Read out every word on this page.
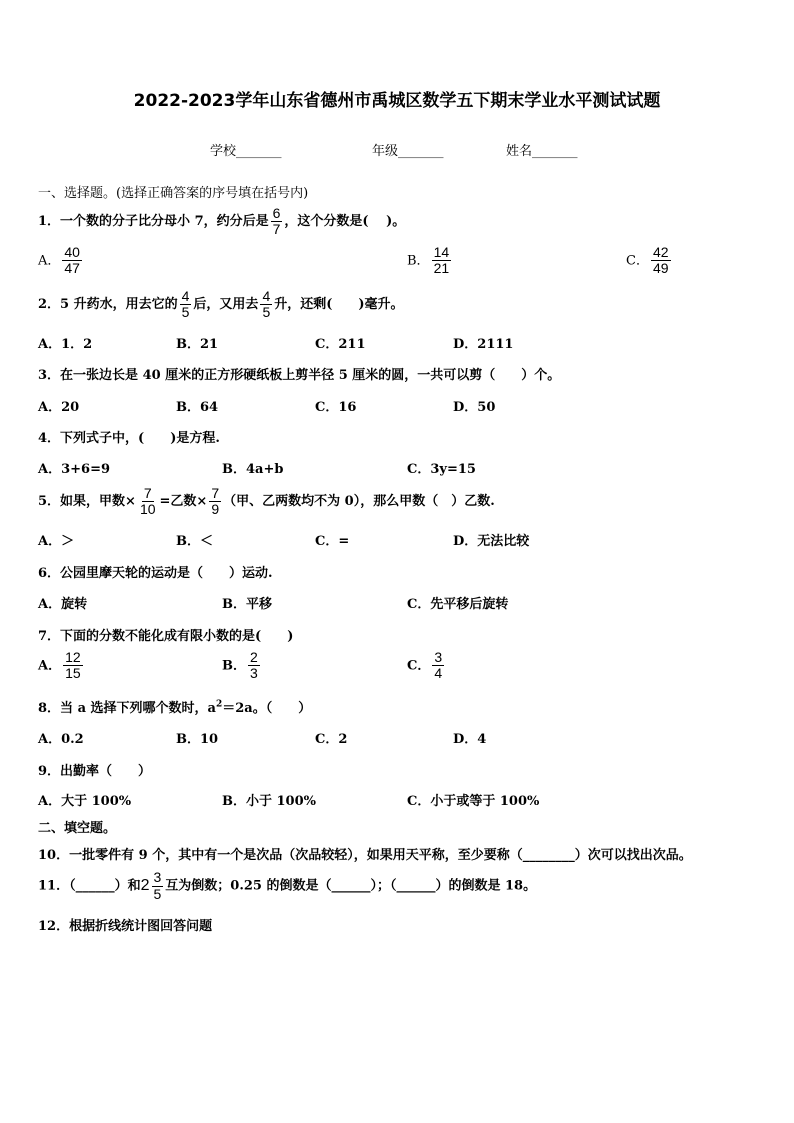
2022-2023学年山东省德州市禹城区数学五下期末学业水平测试试题
学校_______	年级_______	姓名_______
一、选择题。(选择正确答案的序号填在括号内)
1．一个数的分子比分母小 7，约分后是 $\frac{6}{7}$ ，这个分数是(　 )。
A． $\frac{40}{47}$	B． $\frac{14}{21}$	C． $\frac{42}{49}$
2．5 升药水，用去它的 $\frac{4}{5}$ 后，又用去 $\frac{4}{5}$ 升，还剩(　　)毫升。
A．1．2	B．21	C．211	D．2111
3．在一张边长是 40 厘米的正方形硬纸板上剪半径 5 厘米的圆，一共可以剪（　　）个。
A．20	B．64	C．16	D．50
4．下列式子中，(　　)是方程.
A．3+6=9	B．4a+b	C．3y=15
5．如果，甲数× $\frac{7}{10}$ =乙数× $\frac{7}{9}$ （甲、乙两数均不为 0），那么甲数（　）乙数.
A．＞	B．＜	C．=	D．无法比较
6．公园里摩天轮的运动是（　　）运动.
A．旋转	B．平移	C．先平移后旋转
7．下面的分数不能化成有限小数的是(　　)
A． $\frac{12}{15}$	B． $\frac{2}{3}$	C． $\frac{3}{4}$
8．当 a 选择下列哪个数时，$a^2=2a$。（　　）
A．0.2	B．10	C．2	D．4
9．出勤率（　　）
A．大于 100%	B．小于 100%	C．小于或等于 100%
二、填空题。
10．一批零件有 9 个，其中有一个是次品（次品较轻），如果用天平称，至少要称（________）次可以找出次品。
11．（______）和$2 \frac{3}{5}$ 互为倒数；0.25 的倒数是（______）；（______）的倒数是 18。
12．根据折线统计图回答问题
